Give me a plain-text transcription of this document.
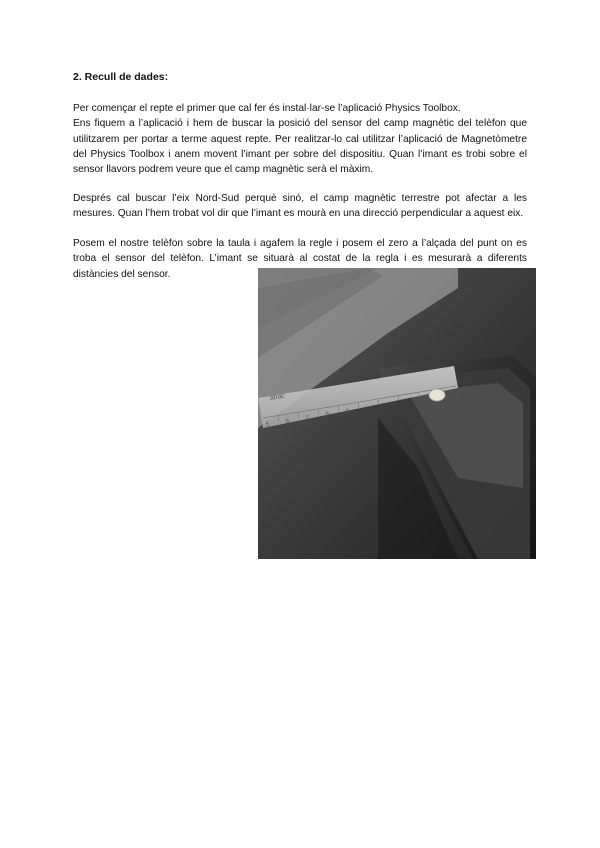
2. Recull de dades:

Per començar el repte el primer que cal fer és instal·lar-se l’aplicació Physics Toolbox.
Ens fiquem a l’aplicació i hem de buscar la posició del sensor del camp magnètic del telèfon que utilitzarem per portar a terme aquest repte. Per realitzar-lo cal utilitzar l’aplicació de Magnetòmetre del Physics Toolbox i anem movent l’imant per sobre del dispositiu. Quan l’imant es trobi sobre el sensor llavors podrem veure que el camp magnètic serà el màxim.

Després cal buscar l’eix Nord-Sud perquè sinó, el camp magnètic terrestre pot afectar a les mesures. Quan l’hem trobat vol dir que l’imant es mourà en una direcció perpendicular a aquest eix.

Posem el nostre telèfon sobre la taula i agafem la regle i posem el zero a l’alçada del punt on es troba el sensor del telèfon. L’imant se situarà al costat de la regla i es mesurarà a diferents distàncies del sensor.

abac
5	6	7
8	9
